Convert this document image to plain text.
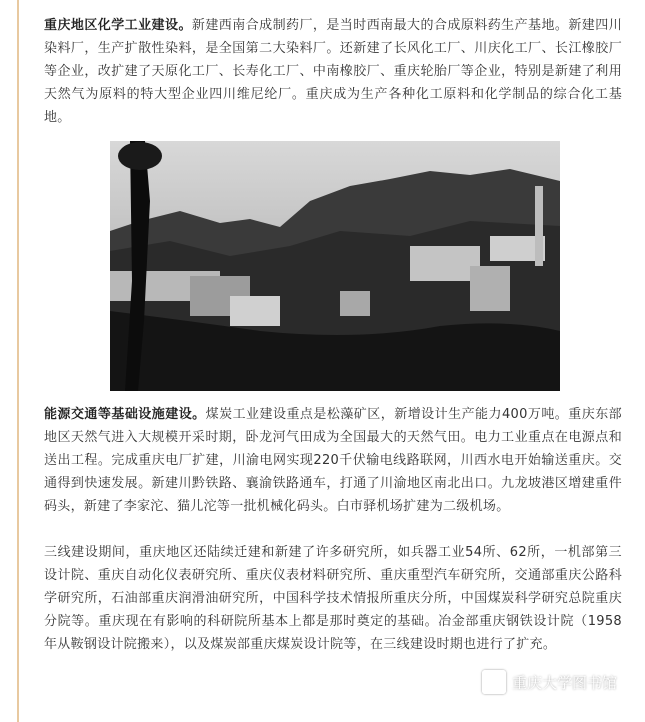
重庆地区化学工业建设。新建西南合成制药厂，是当时西南最大的合成原料药生产基地。新建四川染料厂，生产扩散性染料，是全国第二大染料厂。还新建了长风化工厂、川庆化工厂、长江橡胶厂等企业，改扩建了天原化工厂、长寿化工厂、中南橡胶厂、重庆轮胎厂等企业，特别是新建了利用天然气为原料的特大型企业四川维尼纶厂。重庆成为生产各种化工原料和化学制品的综合化工基地。

能源交通等基础设施建设。煤炭工业建设重点是松藻矿区，新增设计生产能力400万吨。重庆东部地区天然气进入大规模开采时期，卧龙河气田成为全国最大的天然气田。电力工业重点在电源点和送出工程。完成重庆电厂扩建，川渝电网实现220千伏输电线路联网，川西水电开始输送重庆。交通得到快速发展。新建川黔铁路、襄渝铁路通车，打通了川渝地区南北出口。九龙坡港区增建重件码头，新建了李家沱、猫儿沱等一批机械化码头。白市驿机场扩建为二级机场。

三线建设期间，重庆地区还陆续迁建和新建了许多研究所，如兵器工业54所、62所，一机部第三设计院、重庆自动化仪表研究所、重庆仪表材料研究所、重庆重型汽车研究所，交通部重庆公路科学研究所，石油部重庆润滑油研究所，中国科学技术情报所重庆分所，中国煤炭科学研究总院重庆分院等。重庆现在有影响的科研院所基本上都是那时奠定的基础。冶金部重庆钢铁设计院（1958年从鞍钢设计院搬来），以及煤炭部重庆煤炭设计院等，在三线建设时期也进行了扩充。

重庆大学图书馆
